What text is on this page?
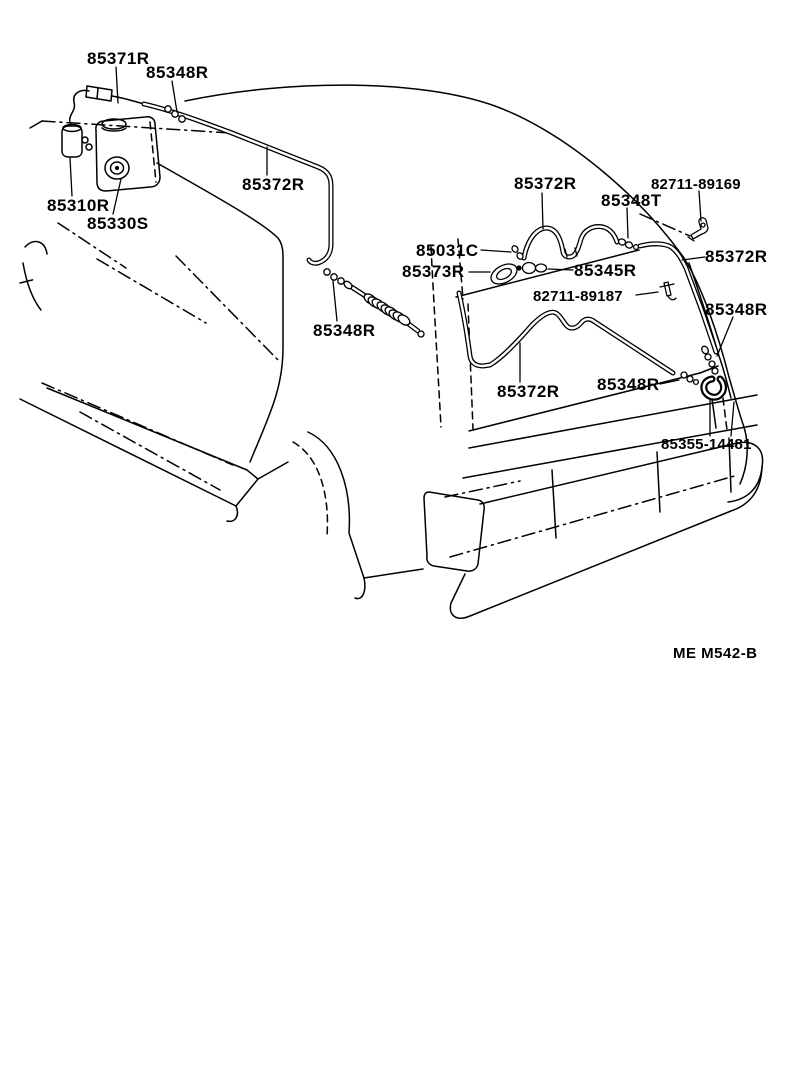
85371R
85348R
85372R
85310R
85330S
85372R	82711-89169
85348T
85031C
85373R	85345R
82711-89187
85372R
85348R
85348R
85372R 85348R
85355-14481
ME M542-B
